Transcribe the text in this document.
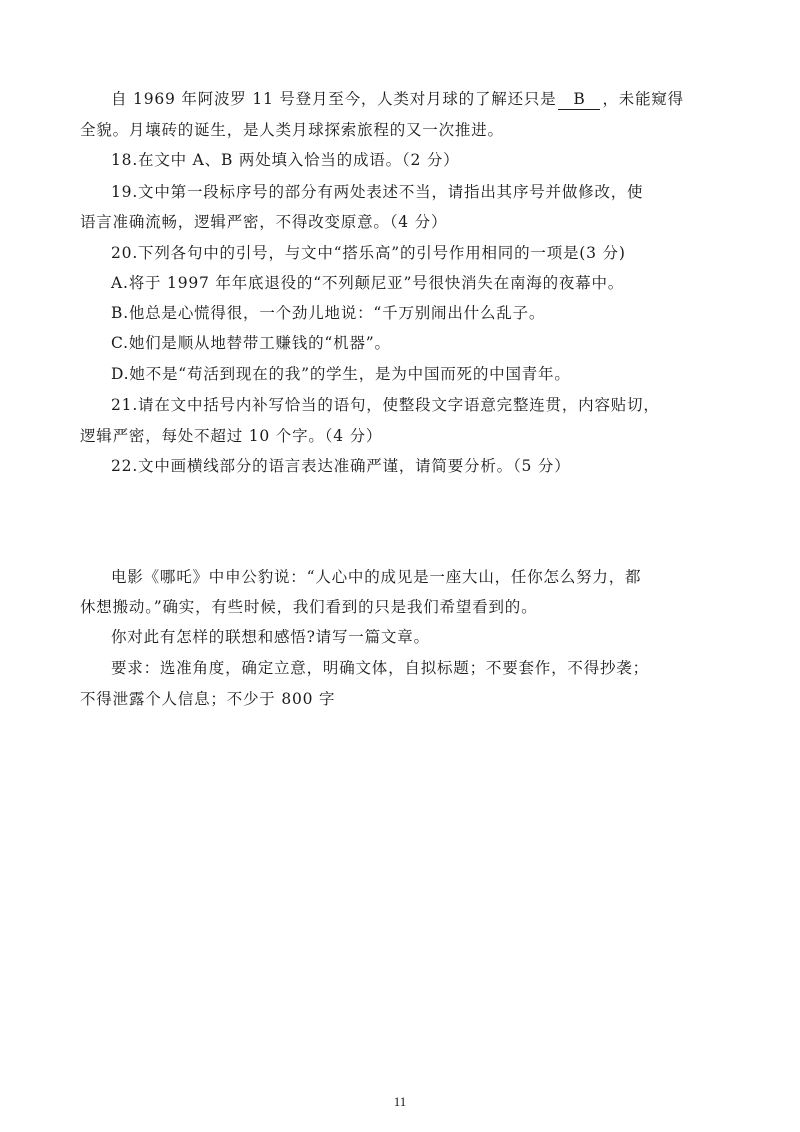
自 1969 年阿波罗 11 号登月至今，人类对月球的了解还只是 B ，未能窥得
全貌。月壤砖的诞生，是人类月球探索旅程的又一次推进。
18.在文中 A、B 两处填入恰当的成语。（2 分）
19.文中第一段标序号的部分有两处表述不当，请指出其序号并做修改，使
语言准确流畅，逻辑严密，不得改变原意。（4 分）
20.下列各句中的引号，与文中“搭乐高”的引号作用相同的一项是(3 分)
A.将于 1997 年年底退役的“不列颠尼亚”号很快消失在南海的夜幕中。
B.他总是心慌得很，一个劲儿地说：“千万别闹出什么乱子。
C.她们是顺从地替带工赚钱的“机器”。
D.她不是“苟活到现在的我”的学生，是为中国而死的中国青年。
21.请在文中括号内补写恰当的语句，使整段文字语意完整连贯，内容贴切，
逻辑严密，每处不超过 10 个字。（4 分）
22.文中画横线部分的语言表达准确严谨，请简要分析。（5 分）
电影《哪吒》中申公豹说：“人心中的成见是一座大山，任你怎么努力，都
休想搬动。”确实，有些时候，我们看到的只是我们希望看到的。
你对此有怎样的联想和感悟?请写一篇文章。
要求：选准角度，确定立意，明确文体，自拟标题；不要套作，不得抄袭；
不得泄露个人信息；不少于 800 字
11
